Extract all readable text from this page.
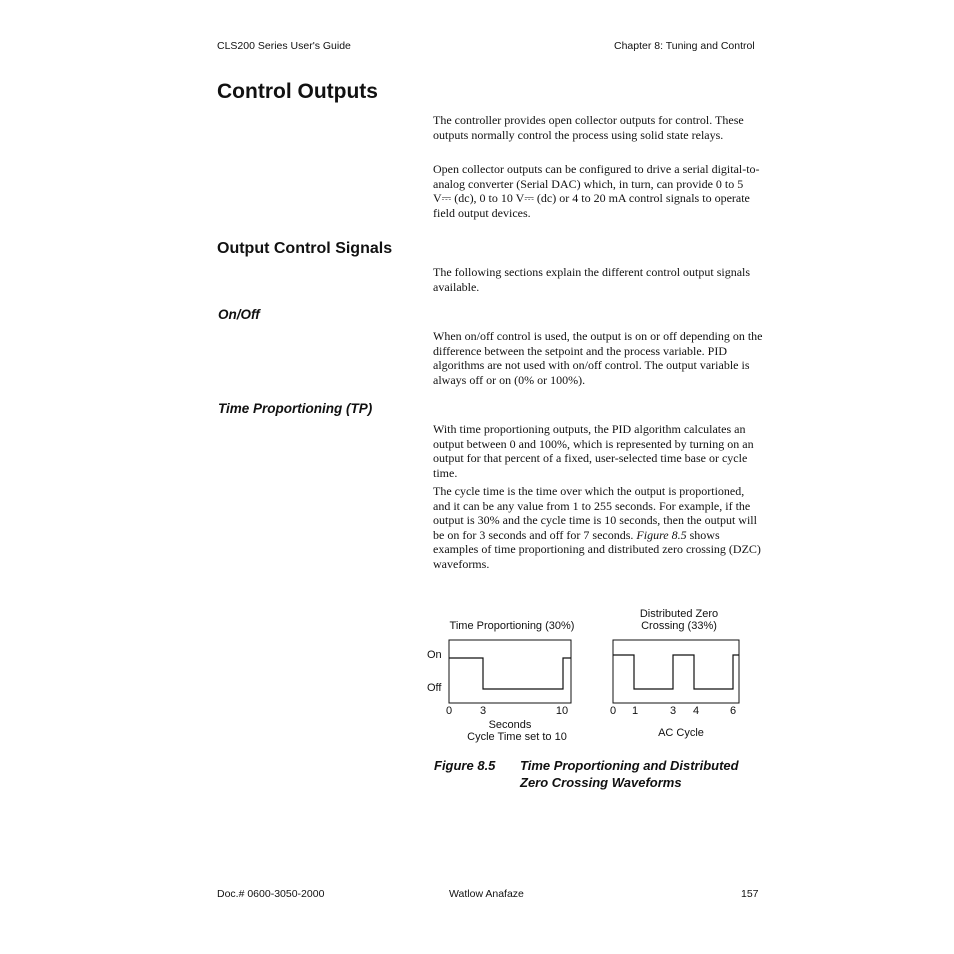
CLS200 Series User's Guide	Chapter 8: Tuning and Control
Control Outputs

The controller provides open collector outputs for control. These outputs normally control the process using solid state relays.

Open collector outputs can be configured to drive a serial digital-to-analog converter (Serial DAC) which, in turn, can provide 0 to 5 V⎓ (dc), 0 to 10 V⎓ (dc) or 4 to 20 mA control signals to operate field output devices.

Output Control Signals

The following sections explain the different control output signals available.

On/Off

When on/off control is used, the output is on or off depending on the difference between the setpoint and the process variable. PID algorithms are not used with on/off control. The output variable is always off or on (0% or 100%).

Time Proportioning (TP)

With time proportioning outputs, the PID algorithm calculates an output between 0 and 100%, which is represented by turning on an output for that percent of a fixed, user-selected time base or cycle time.

The cycle time is the time over which the output is proportioned, and it can be any value from 1 to 255 seconds. For example, if the output is 30% and the cycle time is 10 seconds, then the output will be on for 3 seconds and off for 7 seconds. Figure 8.5 shows examples of time proportioning and distributed zero crossing (DZC) waveforms.

Time Proportioning (30%)
On
Off
0	3	10
Seconds
Cycle Time set to 10
Distributed Zero
Crossing (33%)
0 1	3 4	6
AC Cycle
Figure 8.5 Time Proportioning and Distributed
Zero Crossing Waveforms
Doc.# 0600-3050-2000	Watlow Anafaze	157
